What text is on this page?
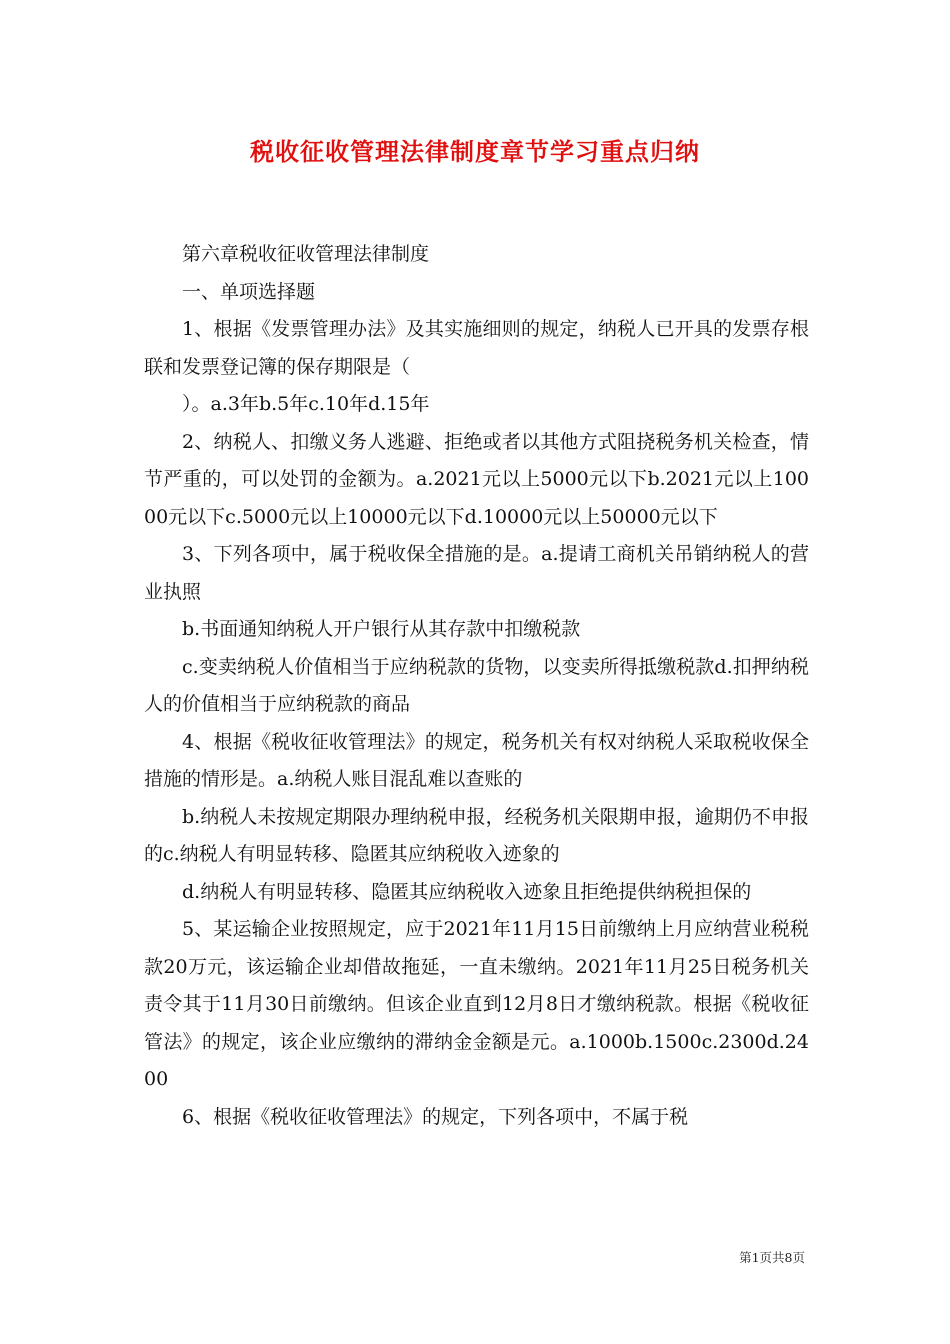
税收征收管理法律制度章节学习重点归纳

第六章税收征收管理法律制度

一、单项选择题

1、根据《发票管理办法》及其实施细则的规定，纳税人已开具的发票存根联和发票登记簿的保存期限是（

）。a.3年b.5年c.10年d.15年

2、纳税人、扣缴义务人逃避、拒绝或者以其他方式阻挠税务机关检查，情节严重的，可以处罚的金额为。a.2021元以上5000元以下b.2021元以上10000元以下c.5000元以上10000元以下d.10000元以上50000元以下

3、下列各项中，属于税收保全措施的是。a.提请工商机关吊销纳税人的营业执照

b.书面通知纳税人开户银行从其存款中扣缴税款

c.变卖纳税人价值相当于应纳税款的货物，以变卖所得抵缴税款d.扣押纳税人的价值相当于应纳税款的商品

4、根据《税收征收管理法》的规定，税务机关有权对纳税人采取税收保全措施的情形是。a.纳税人账目混乱难以查账的

b.纳税人未按规定期限办理纳税申报，经税务机关限期申报，逾期仍不申报的c.纳税人有明显转移、隐匿其应纳税收入迹象的

d.纳税人有明显转移、隐匿其应纳税收入迹象且拒绝提供纳税担保的

5、某运输企业按照规定，应于2021年11月15日前缴纳上月应纳营业税税款20万元，该运输企业却借故拖延，一直未缴纳。2021年11月25日税务机关责令其于11月30日前缴纳。但该企业直到12月8日才缴纳税款。根据《税收征管法》的规定，该企业应缴纳的滞纳金金额是元。a.1000b.1500c.2300d.2400

6、根据《税收征收管理法》的规定，下列各项中，不属于税

第1页共8页
